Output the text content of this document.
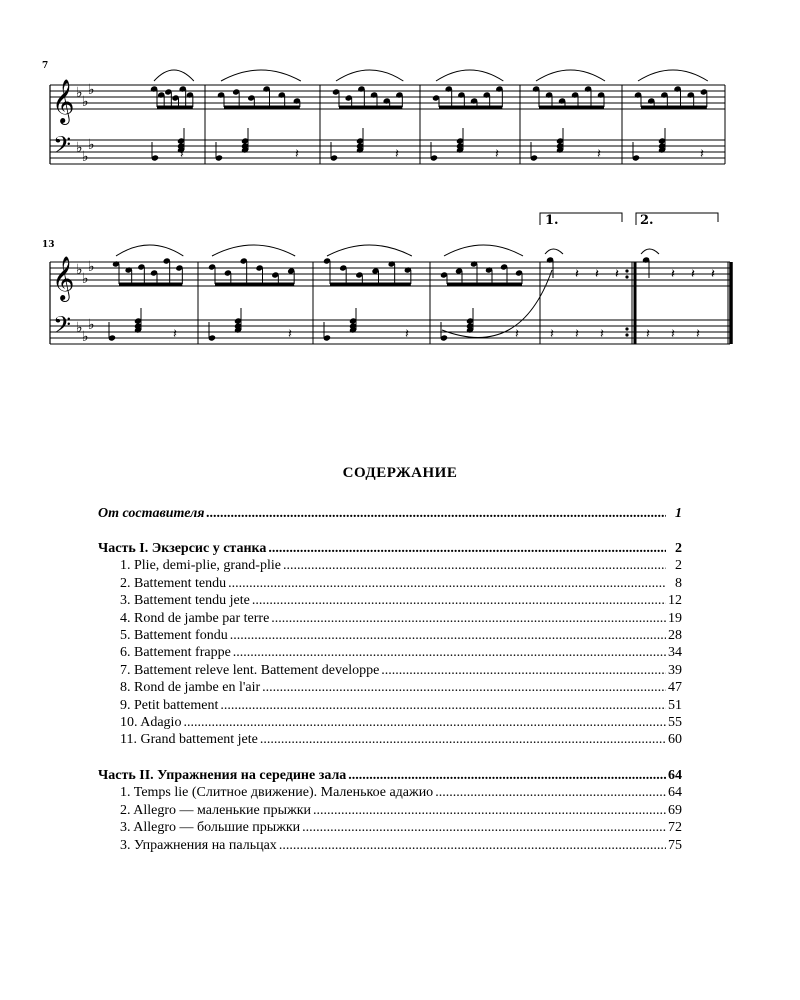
𝄞
𝄢
♭
♭
♭
♭
♭
♭
𝄽	𝄽	𝄽	𝄽	𝄽	𝄽
𝄞
𝄢
♭
♭
♭
♭
♭
♭
𝄽	𝄽	𝄽	𝄽
𝄽 𝄽 𝄽
𝄽 𝄽 𝄽
𝄽 𝄽 𝄽
𝄽 𝄽 𝄽
7
13
1.	2.
СОДЕРЖАНИЕ
От составителя .....	1
Часть I. Экзерсис у станка .....	2
1. Plie, demi-plie, grand-plie .....	2
2. Battement tendu .....	8
3. Battement tendu jete .....	12
4. Rond de jambe par terre .....	19
5. Battement fondu .....	28
6. Battement frappe .....	34
7. Battement releve lent. Battement developpe .....	39
8. Rond de jambe en l'air .....	47
9. Petit battement .....	51
10. Adagio .....	55
11. Grand battement jete .....	60
Часть II. Упражнения на середине зала .....	64
1. Temps lie (Слитное движение). Маленькое адажио .....	64
2. Allegro — маленькие прыжки .....	69
3. Allegro — большие прыжки .....	72
3. Упражнения на пальцах .....	75
